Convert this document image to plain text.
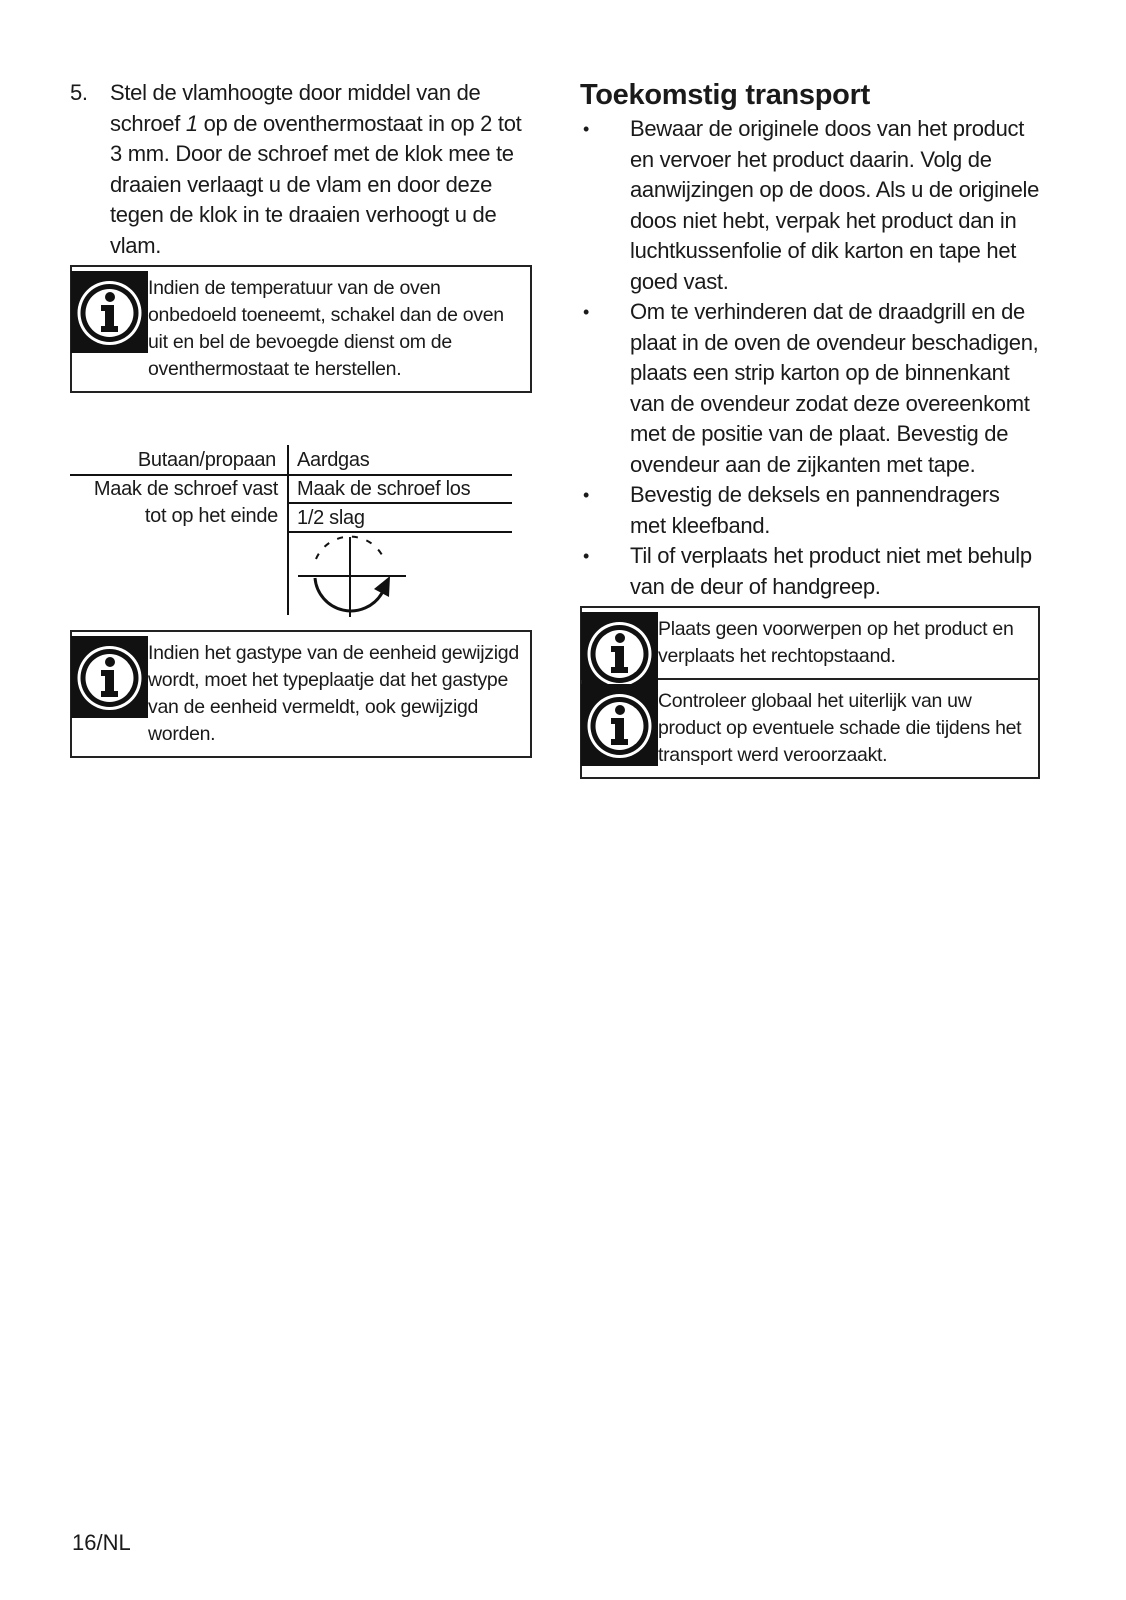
5. Stel de vlamhoogte door middel van de schroef 1 op de oventhermostaat in op 2 tot 3 mm. Door de schroef met de klok mee te draaien verlaagt u de vlam en door deze tegen de klok in te draaien verhoogt u de vlam.
Indien de temperatuur van de oven onbedoeld toeneemt, schakel dan de oven uit en bel de bevoegde dienst om de oventhermostaat te herstellen.
Butaan/propaan Aardgas
Maak de schroef vast
tot op het einde
Maak de schroef los
1/2 slag
Indien het gastype van de eenheid gewijzigd wordt, moet het typeplaatje dat het gastype van de eenheid vermeldt, ook gewijzigd worden.
Toekomstig transport
• Bewaar de originele doos van het product en vervoer het product daarin. Volg de aanwijzingen op de doos. Als u de originele doos niet hebt, verpak het product dan in luchtkussenfolie of dik karton en tape het goed vast.
• Om te verhinderen dat de draadgrill en de plaat in de oven de ovendeur beschadigen, plaats een strip karton op de binnenkant van de ovendeur zodat deze overeenkomt met de positie van de plaat. Bevestig de ovendeur aan de zijkanten met tape.
• Bevestig de deksels en pannendragers met kleefband.
• Til of verplaats het product niet met behulp van de deur of handgreep.
Plaats geen voorwerpen op het product en verplaats het rechtopstaand.
Controleer globaal het uiterlijk van uw product op eventuele schade die tijdens het transport werd veroorzaakt.
16/NL
